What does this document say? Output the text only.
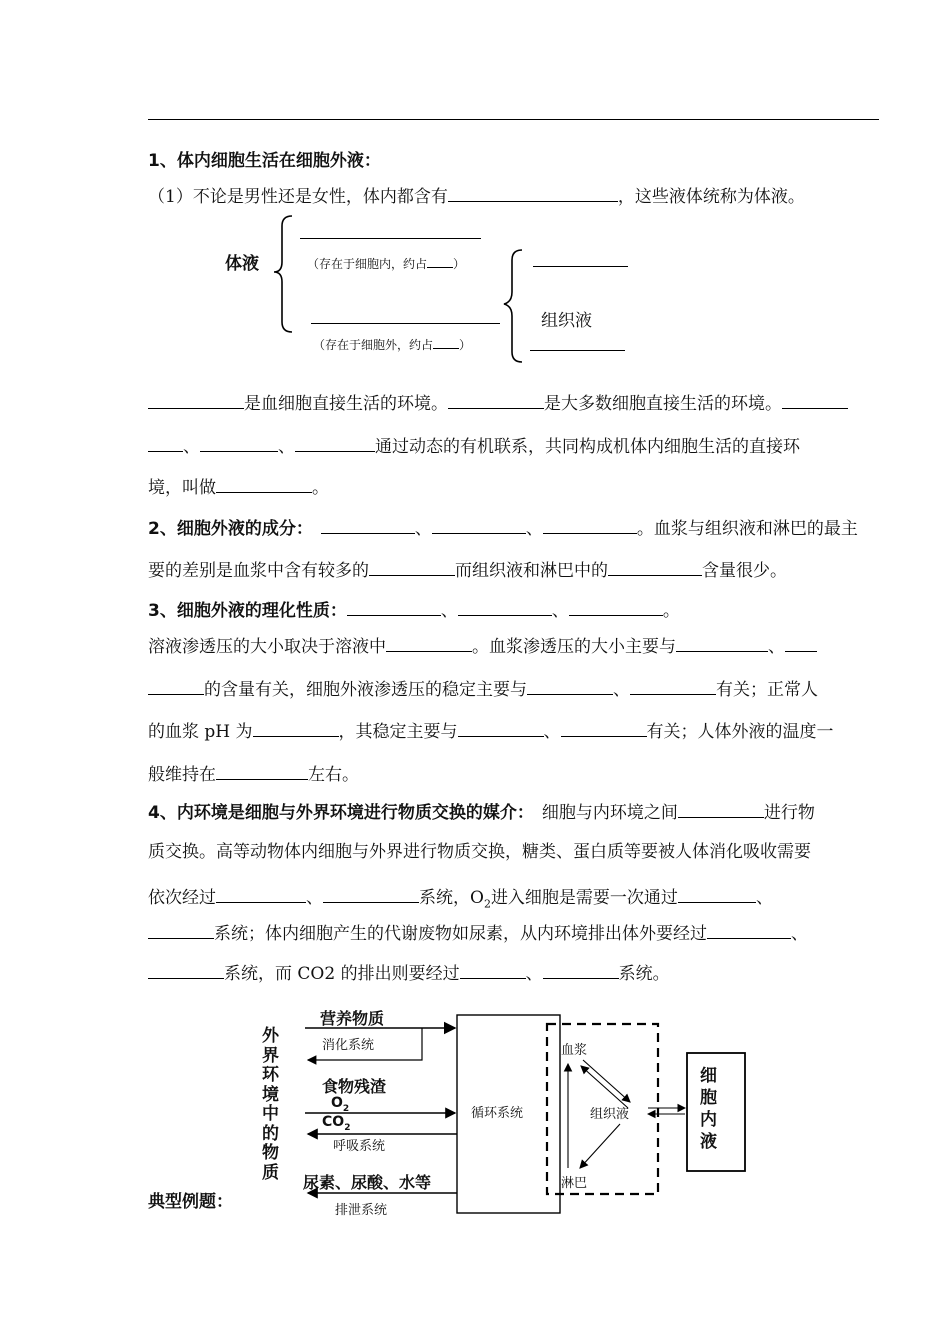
1、体内细胞生活在细胞外液：
（1）不论是男性还是女性，体内都含有	，这些液体统称为体液。
体液	（存在于细胞内，约占 ）
（存在于细胞外，约占 ）
组织液
是血细胞直接生活的环境。	是大多数细胞直接生活的环境。
、	、	通过动态的有机联系，共同构成机体内细胞生活的直接环
境，叫做	。
2、细胞外液的成分：	、	、	。血浆与组织液和淋巴的最主
要的差别是血浆中含有较多的	而组织液和淋巴中的	含量很少。
3、细胞外液的理化性质：	、	、	。
溶液渗透压的大小取决于溶液中	。血浆渗透压的大小主要与	、
的含量有关，细胞外液渗透压的稳定主要与	、	有关；正常人
的血浆 pH 为	，其稳定主要与	、	有关；人体外液的温度一
般维持在	左右。
4、内环境是细胞与外界环境进行物质交换的媒介： 细胞与内环境之间	进行物
质交换。高等动物体内细胞与外界进行物质交换，糖类、蛋白质等要被人体消化吸收需要
依次经过	、	系统，$O_2$进入细胞是需要一次通过	、
系统；体内细胞产生的代谢废物如尿素，从内环境排出体外要经过	、
系统，而 CO2 的排出则要经过	、	系统。
外
界
环
境
中
的
物
质
营养物质
消化系统
食物残渣
$O_2$
$CO_2$
呼吸系统
尿素、尿酸、水等
排泄系统
循环系统
血浆
组织液
淋巴
细
胞
内
液
典型例题：
